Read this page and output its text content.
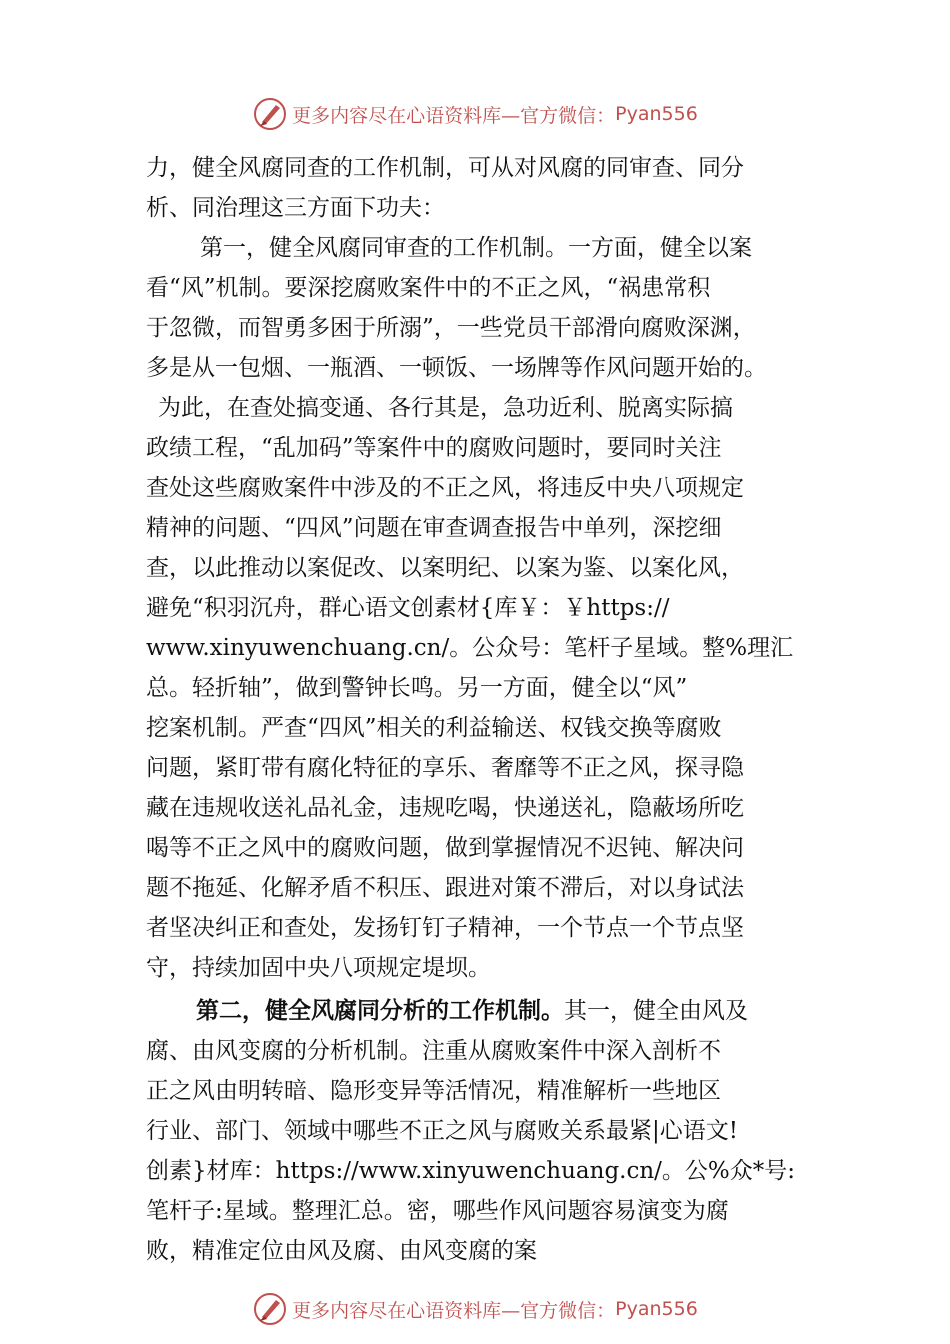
更多内容尽在心语资料库—官方微信： Pyan556
力，健全风腐同查的工作机制，可从对风腐的同审查、同分
析、同治理这三方面下功夫：
第一，健全风腐同审查的工作机制。一方面，健全以案
看“风”机制。要深挖腐败案件中的不正之风，“祸患常积
于忽微，而智勇多困于所溺”，一些党员干部滑向腐败深渊，
多是从一包烟、一瓶酒、一顿饭、一场牌等作风问题开始的。
为此，在查处搞变通、各行其是，急功近利、脱离实际搞
政绩工程，“乱加码”等案件中的腐败问题时，要同时关注
查处这些腐败案件中涉及的不正之风，将违反中央八项规定
精神的问题、“四风”问题在审查调查报告中单列，深挖细
查，以此推动以案促改、以案明纪、以案为鉴、以案化风，
避免“积羽沉舟，群心语文创素材{库￥：￥https://
www.xinyuwenchuang.cn/。公众号：笔杆子星域。整%理汇
总。轻折轴”，做到警钟长鸣。另一方面，健全以“风”
挖案机制。严查“四风”相关的利益输送、权钱交换等腐败
问题，紧盯带有腐化特征的享乐、奢靡等不正之风，探寻隐
藏在违规收送礼品礼金，违规吃喝，快递送礼，隐蔽场所吃
喝等不正之风中的腐败问题，做到掌握情况不迟钝、解决问
题不拖延、化解矛盾不积压、跟进对策不滞后，对以身试法
者坚决纠正和查处，发扬钉钉子精神，一个节点一个节点坚
守，持续加固中央八项规定堤坝。
第二，健全风腐同分析的工作机制。其一，健全由风及
腐、由风变腐的分析机制。注重从腐败案件中深入剖析不
正之风由明转暗、隐形变异等活情况，精准解析一些地区
行业、部门、领域中哪些不正之风与腐败关系最紧|心语文!
创素}材库：https://www.xinyuwenchuang.cn/。公%众*号:
笔杆子:星域。整理汇总。密，哪些作风问题容易演变为腐
败，精准定位由风及腐、由风变腐的案
更多内容尽在心语资料库—官方微信： Pyan556
